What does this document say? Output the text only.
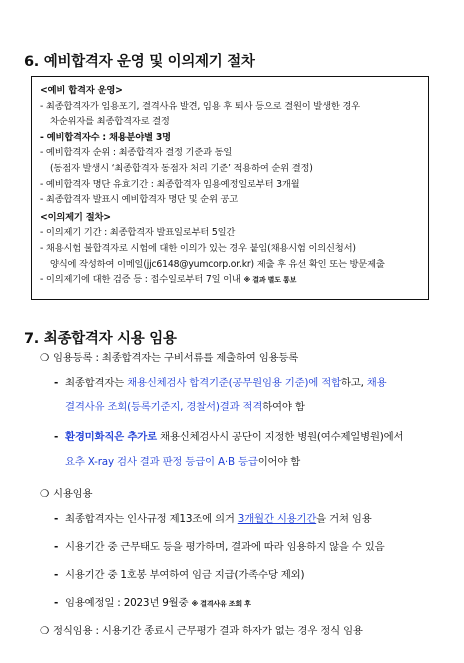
6. 예비합격자 운영 및 이의제기 절차
<예비 합격자 운영>
- 최종합격자가 임용포기, 결격사유 발견, 임용 후 퇴사 등으로 결원이 발생한 경우
차순위자를 최종합격자로 결정
- 예비합격자수 : 채용분야별 3명
- 예비합격자 순위 : 최종합격자 결정 기준과 동일
(동점자 발생시 ‘최종합격자 동점자 처리 기준’ 적용하여 순위 결정)
- 예비합격자 명단 유효기간 : 최종합격자 임용예정일로부터 3개월
- 최종합격자 발표시 예비합격자 명단 및 순위 공고
<이의제기 절차>
- 이의제기 기간 : 최종합격자 발표일로부터 5일간
- 채용시험 불합격자로 시험에 대한 이의가 있는 경우 붙임(채용시험 이의신청서)
양식에 작성하여 이메일(jjc6148@yumcorp.or.kr) 제출 후 유선 확인 또는 방문제출
- 이의제기에 대한 검증 등 : 접수일로부터 7일 이내 ※ 결과 별도 통보
7. 최종합격자 시용 임용
❍ 임용등록 : 최종합격자는 구비서류를 제출하여 임용등록
- 최종합격자는 채용신체검사 합격기준(공무원임용 기준)에 적합하고, 채용
결격사유 조회(등록기준지, 경찰서)결과 적격하여야 함
- 환경미화직은 추가로 채용신체검사시 공단이 지정한 병원(여수제일병원)에서
요추 X-ray 검사 결과 판정 등급이 A·B 등급이어야 함
❍ 시용임용
- 최종합격자는 인사규정 제13조에 의거 3개월간 시용기간을 거쳐 임용
- 시용기간 중 근무태도 등을 평가하며, 결과에 따라 임용하지 않을 수 있음
- 시용기간 중 1호봉 부여하여 임금 지급(가족수당 제외)
- 임용예정일 : 2023년 9월중 ※ 결격사유 조회 후
❍ 정식임용 : 시용기간 종료시 근무평가 결과 하자가 없는 경우 정식 임용
